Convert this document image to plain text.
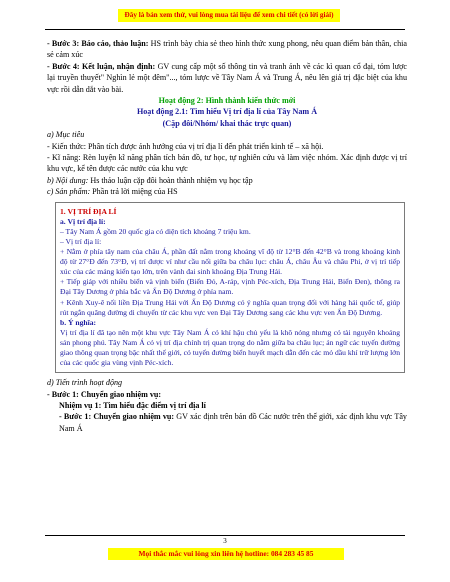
Đây là bản xem thử, vui lòng mua tài liệu để xem chi tiết (có lời giải)

- Bước 3: Báo cáo, thảo luận: HS trình bày chia sẻ theo hình thức xung phong, nêu quan điểm bản thân, chia sẻ cảm xúc

- Bước 4: Kết luận, nhận định: GV cung cấp một số thông tin và tranh ảnh về các kì quan cổ đại, tóm lược lại truyền thuyết" Nghìn lẻ một đêm"..., tóm lược về Tây Nam Á và Trung Á, nêu lên giá trị đặc biệt của khu vực rồi dẫn dắt vào bài.

Hoạt động 2: Hình thành kiến thức mới

Hoạt động 2.1: Tìm hiểu Vị trí địa lí của Tây Nam Á

(Cặp đôi/Nhóm/ khai thác trực quan)

a) Mục tiêu

- Kiến thức: Phân tích được ảnh hưởng của vị trí địa lí đến phát triển kinh tế – xã hội.

- Kĩ năng: Rèn luyện kĩ năng phân tích bản đồ, tư học, tự nghiên cứu và làm việc nhóm. Xác định được vị trí khu vực, kể tên được các nước của khu vực

b) Nội dung: Hs thảo luận cặp đôi hoàn thành nhiệm vụ học tập

c) Sản phẩm: Phần trả lời miệng của HS

1. VỊ TRÍ ĐỊA LÍ

a. Vị trí địa lí:

– Tây Nam Á gồm 20 quốc gia có diện tích khoảng 7 triệu km.

– Vị trí địa lí:

+ Nằm ở phía tây nam của châu Á, phần đất nằm trong khoảng vĩ độ từ 12°B đến 42°B và trong khoảng kinh độ từ 27°Đ đến 73°Đ, vị trí được ví như cầu nối giữa ba châu lục: châu Á, châu Âu và châu Phi, ở vị trí tiếp xúc của các mảng kiến tạo lớn, trên vành đai sinh khoáng Địa Trung Hải.

+ Tiếp giáp với nhiều biển và vịnh biển (Biển Đỏ, A-ráp, vịnh Péc-xích, Địa Trung Hải, Biển Đen), thông ra Đại Tây Dương ở phía bắc và Ấn Độ Dương ở phía nam.

+ Kênh Xuy-ê nối liền Địa Trung Hải với Ấn Độ Dương có ý nghĩa quan trọng đối với hàng hải quốc tế, giúp rút ngắn quãng đường di chuyển từ các khu vực ven Đại Tây Dương sang các khu vực ven Ấn Độ Dương.

b. Ý nghĩa:

Vị trí địa lí đã tạo nên một khu vực Tây Nam Á có khí hậu chủ yếu là khô nóng nhưng có tài nguyên khoáng sản phong phú. Tây Nam Á có vị trí địa chính trị quan trọng do nằm giữa ba châu lục; án ngữ các tuyến đường giao thông quan trọng bậc nhất thế giới, có tuyến đường biển huyết mạch dẫn đến các mỏ dầu khí trữ lượng lớn của các quốc gia vùng vịnh Péc-xích.

d) Tiến trình hoạt động

- Bước 1: Chuyển giao nhiệm vụ:

Nhiệm vụ 1: Tìm hiểu đặc điểm vị trí địa lí

- Bước 1: Chuyển giao nhiệm vụ: GV xác định trên bản đồ Các nước trên thế giới, xác định khu vực Tây Nam Á

3
Mọi thắc mắc vui lòng xin liên hệ hotline: 084 283 45 85
